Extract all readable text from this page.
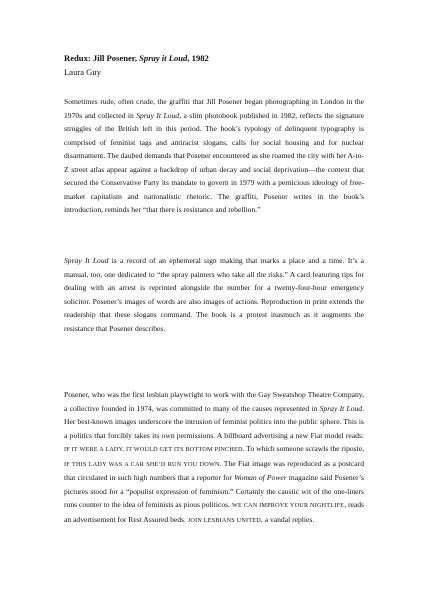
Redux: Jill Posener, Spray it Loud, 1982
Laura Guy

Sometimes rude, often crude, the graffiti that Jill Posener began photographing in London in the 1970s and collected in Spray It Loud, a slim photobook published in 1982, reflects the signature struggles of the British left in this period. The book’s typology of delinquent typography is comprised of feminist tags and antiracist slogans, calls for social housing and for nuclear disarmament. The daubed demands that Posener encountered as she roamed the city with her A-to-Z street atlas appear against a backdrop of urban decay and social deprivation—the context that secured the Conservative Party its mandate to govern in 1979 with a pernicious ideology of free-market capitalism and nationalistic rhetoric. The graffiti, Posener writes in the book’s introduction, reminds her “that there is resistance and rebellion.”

Spray It Loud is a record of an ephemeral sign making that marks a place and a time. It’s a manual, too, one dedicated to “the spray painters who take all the risks.” A card featuring tips for dealing with an arrest is reprinted alongside the number for a twenty-four-hour emergency solicitor. Posener’s images of words are also images of actions. Reproduction in print extends the readership that these slogans command. The book is a protest inasmuch as it augments the resistance that Posener describes.

Posener, who was the first lesbian playwright to work with the Gay Sweatshop Theatre Company, a collective founded in 1974, was committed to many of the causes represented in Spray It Loud. Her best-known images underscore the intrusion of feminist politics into the public sphere. This is a politics that forcibly takes its own permissions. A billboard advertising a new Fiat model reads: IF IT WERE A LADY, IT WOULD GET ITS BOTTOM PINCHED. To which someone scrawls the riposte, IF THIS LADY WAS A CAR SHE’D RUN YOU DOWN. The Fiat image was reproduced as a postcard that circulated in such high numbers that a reporter for Woman of Power magazine said Posener’s pictures stood for a “populist expression of feminism.” Certainly the caustic wit of the one-liners runs counter to the idea of feminists as pious politicos. WE CAN IMPROVE YOUR NIGHTLIFE, reads an advertisement for Rest Assured beds. JOIN LESBIANS UNITED, a vandal replies.
